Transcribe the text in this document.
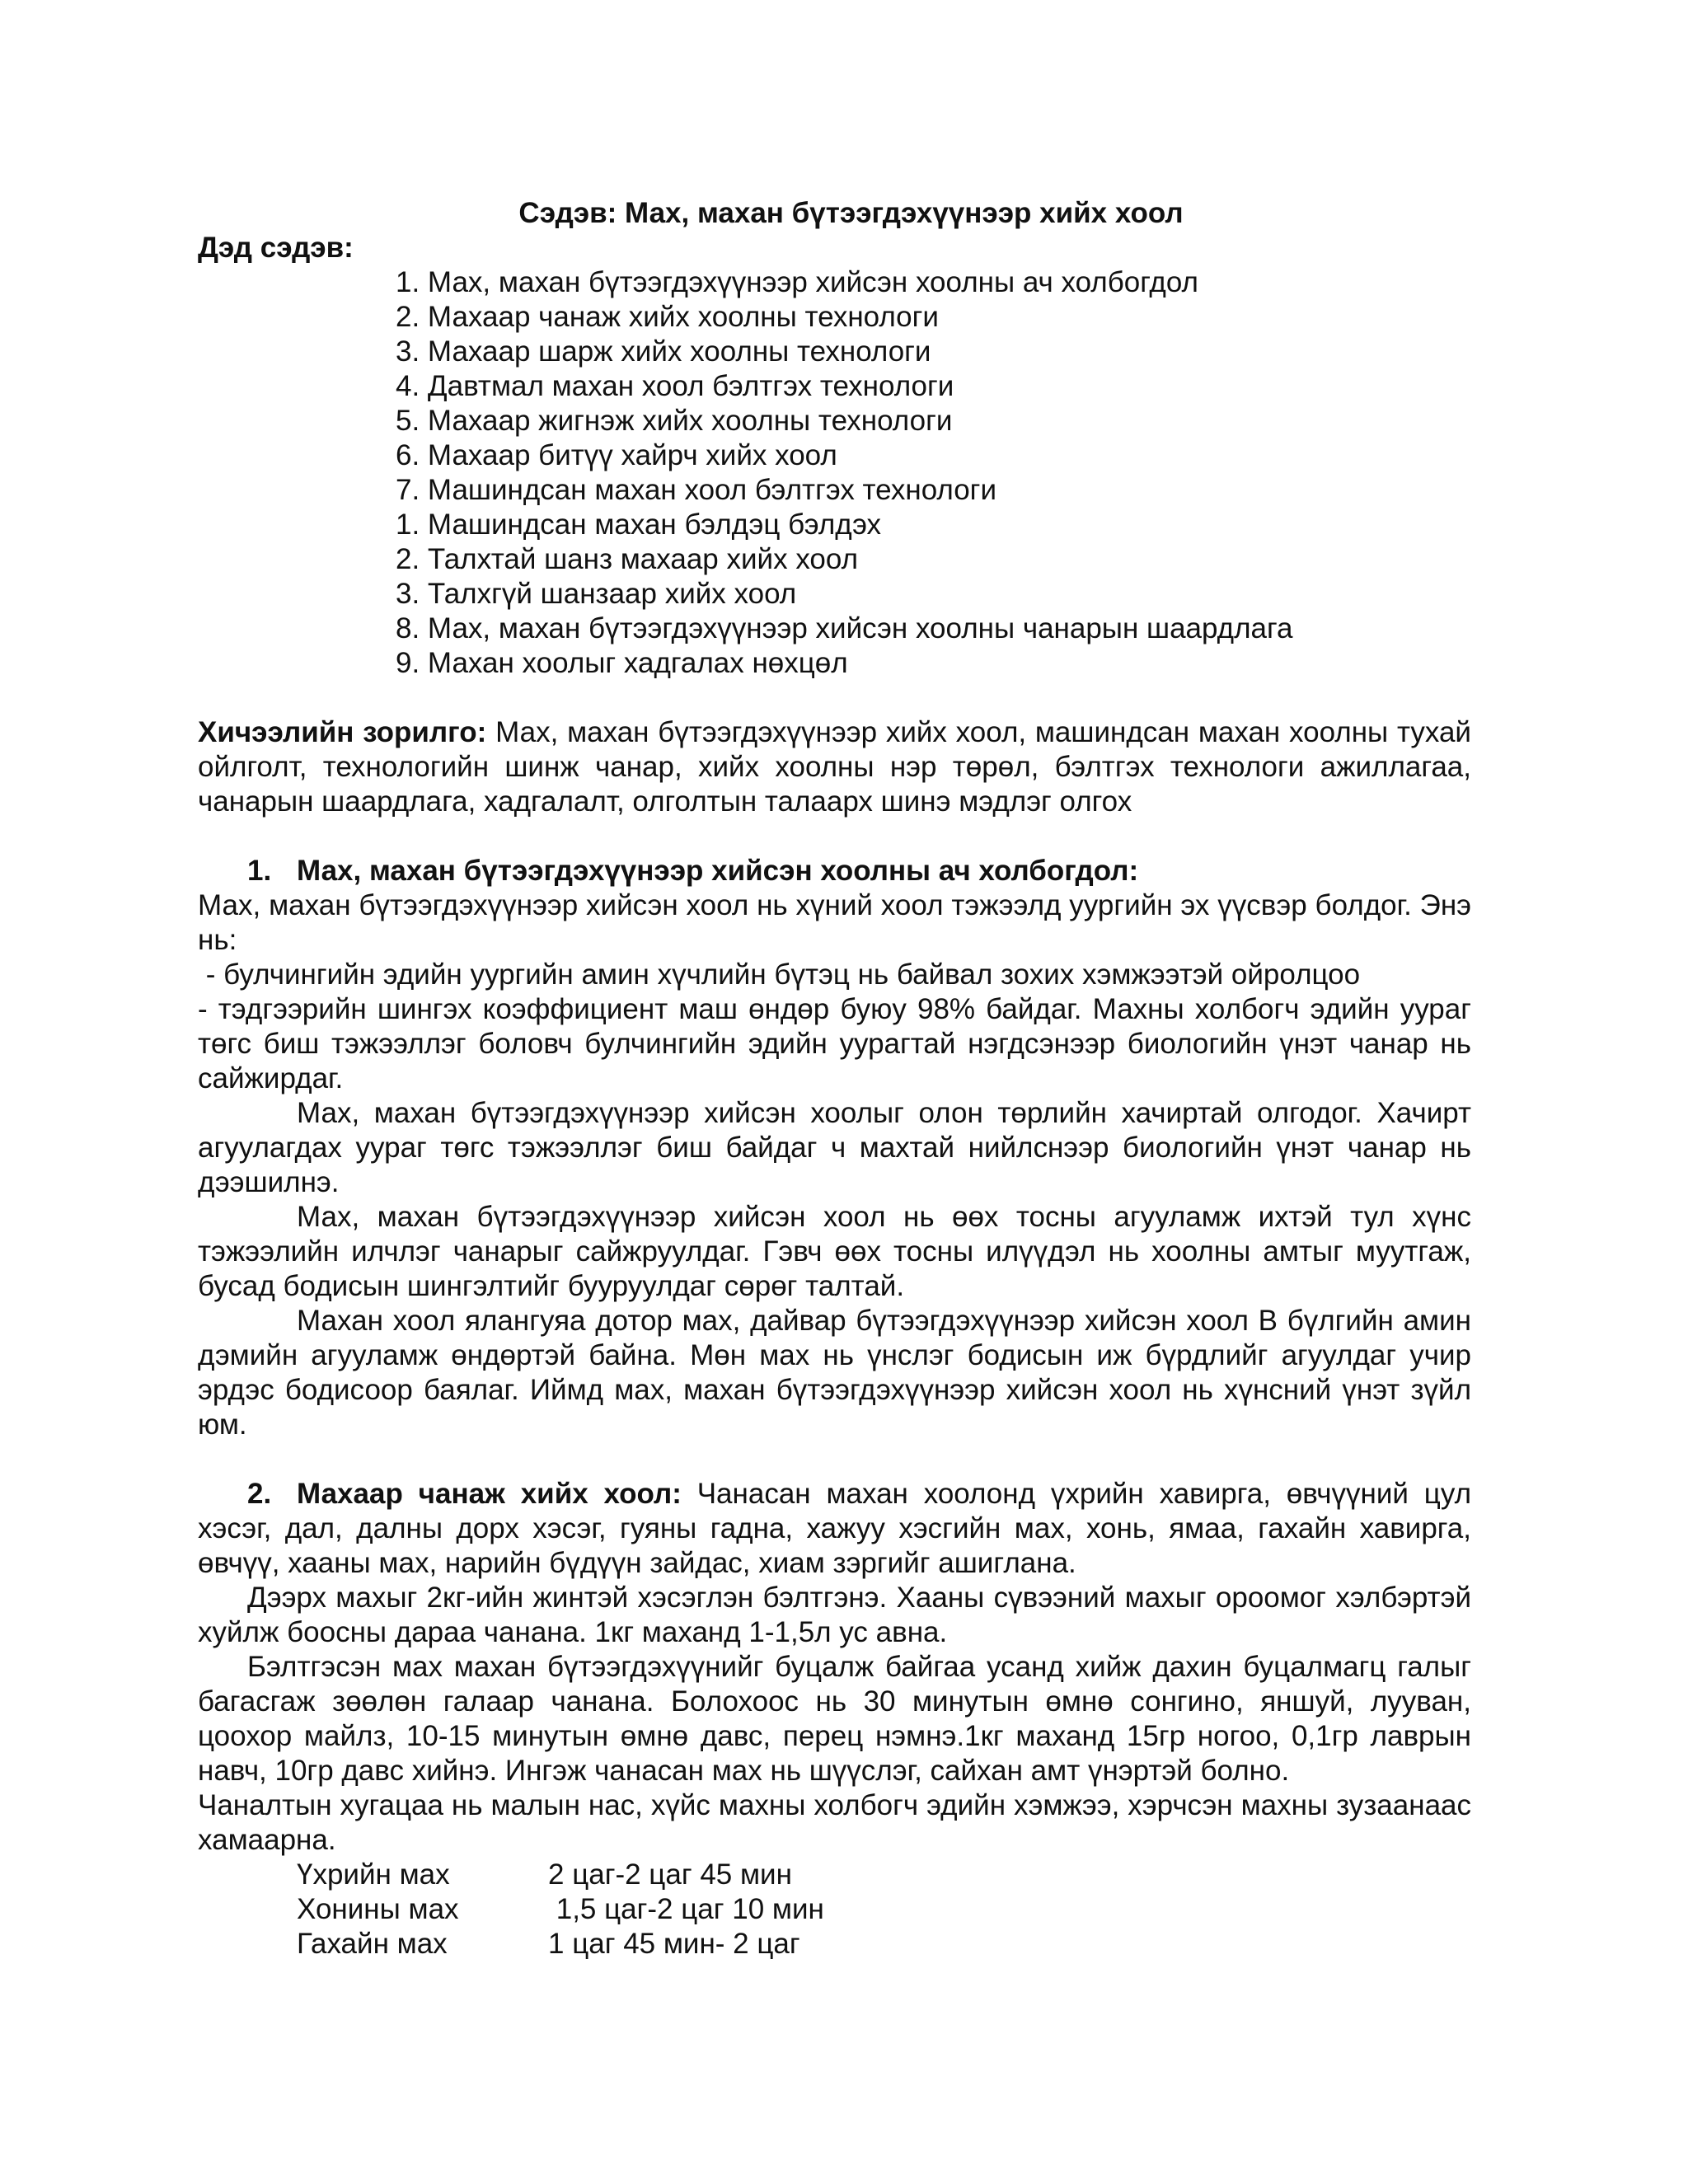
Сэдэв: Мах, махан бүтээгдэхүүнээр хийх хоол
Дэд сэдэв:
1. Мах, махан бүтээгдэхүүнээр хийсэн хоолны ач холбогдол
2. Махаар чанаж хийх хоолны технологи
3. Махаар шарж хийх хоолны технологи
4. Давтмал махан хоол бэлтгэх технологи
5. Махаар жигнэж хийх хоолны технологи
6. Махаар битүү хайрч хийх хоол
7. Машиндсан махан хоол бэлтгэх технологи
1. Машиндсан махан бэлдэц бэлдэх
2. Талхтай шанз махаар хийх хоол
3. Талхгүй шанзаар хийх хоол
8. Мах, махан бүтээгдэхүүнээр хийсэн хоолны чанарын шаардлага
9. Махан хоолыг хадгалах нөхцөл

Хичээлийн зорилго: Мах, махан бүтээгдэхүүнээр хийх хоол, машиндсан махан хоолны тухай ойлголт, технологийн шинж чанар, хийх хоолны нэр төрөл, бэлтгэх технологи ажиллагаа, чанарын шаардлага, хадгалалт, олголтын талаарх шинэ мэдлэг олгох

1. Мах, махан бүтээгдэхүүнээр хийсэн хоолны ач холбогдол:

Мах, махан бүтээгдэхүүнээр хийсэн хоол нь хүний хоол тэжээлд уургийн эх үүсвэр болдог. Энэ нь:

- булчингийн эдийн уургийн амин хүчлийн бүтэц нь байвал зохих хэмжээтэй ойролцоо

- тэдгээрийн шингэх коэффициент маш өндөр буюу 98% байдаг. Махны холбогч эдийн уураг төгс биш тэжээллэг боловч булчингийн эдийн уурагтай нэгдсэнээр биологийн үнэт чанар нь сайжирдаг.

Мах, махан бүтээгдэхүүнээр хийсэн хоолыг олон төрлийн хачиртай олгодог. Хачирт агуулагдах уураг төгс тэжээллэг биш байдаг ч махтай нийлснээр биологийн үнэт чанар нь дээшилнэ.

Мах, махан бүтээгдэхүүнээр хийсэн хоол нь өөх тосны агууламж ихтэй тул хүнс тэжээлийн илчлэг чанарыг сайжруулдаг. Гэвч өөх тосны илүүдэл нь хоолны амтыг муутгаж, бусад бодисын шингэлтийг бууруулдаг сөрөг талтай.

Махан хоол ялангуяа дотор мах, дайвар бүтээгдэхүүнээр хийсэн хоол В бүлгийн амин дэмийн агууламж өндөртэй байна. Мөн мах нь үнслэг бодисын иж бүрдлийг агуулдаг учир эрдэс бодисоор баялаг. Иймд мах, махан бүтээгдэхүүнээр хийсэн хоол нь хүнсний үнэт зүйл юм.

2. Махаар чанаж хийх хоол: Чанасан махан хоолонд үхрийн хавирга, өвчүүний цул хэсэг, дал, далны дорх хэсэг, гуяны гадна, хажуу хэсгийн мах, хонь, ямаа, гахайн хавирга, өвчүү, хааны мах, нарийн бүдүүн зайдас, хиам зэргийг ашиглана.

Дээрх махыг 2кг-ийн жинтэй хэсэглэн бэлтгэнэ. Хааны сүвээний махыг ороомог хэлбэртэй хуйлж боосны дараа чанана. 1кг маханд 1-1,5л ус авна.

Бэлтгэсэн мах махан бүтээгдэхүүнийг буцалж байгаа усанд хийж дахин буцалмагц галыг багасгаж зөөлөн галаар чанана. Болохоос нь 30 минутын өмнө сонгино, яншуй, лууван, цоохор майлз, 10-15 минутын өмнө давс, перец нэмнэ.1кг маханд 15гр ногоо, 0,1гр лаврын навч, 10гр давс хийнэ. Ингэж чанасан мах нь шүүслэг, сайхан амт үнэртэй болно.

Чаналтын хугацаа нь малын нас, хүйс махны холбогч эдийн хэмжээ, хэрчсэн махны зузаанаас хамаарна.

Үхрийн мах	2 цаг-2 цаг 45 мин
Хонины мах	1,5 цаг-2 цаг 10 мин
Гахайн мах	1 цаг 45 мин- 2 цаг
